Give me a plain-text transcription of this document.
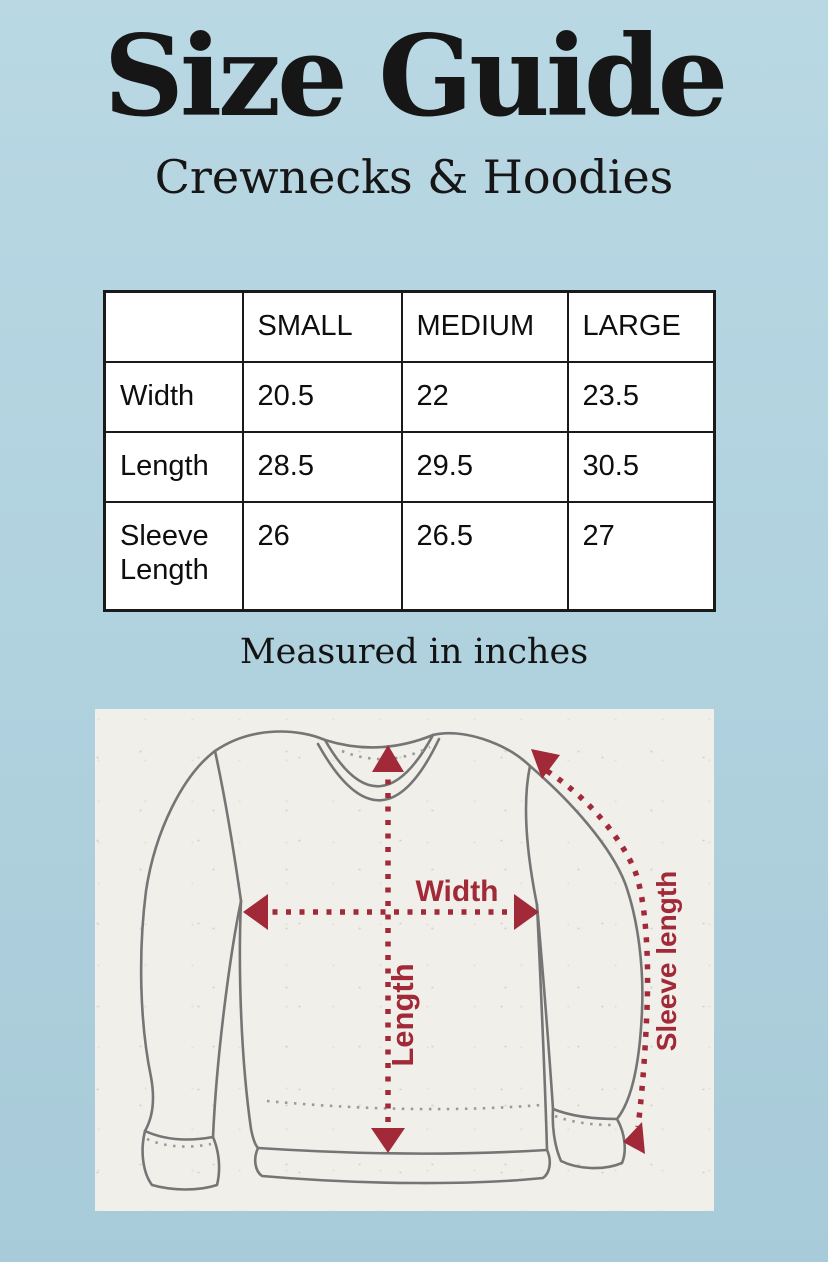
Size Guide
Crewnecks & Hoodies
	SMALL	MEDIUM	LARGE
Width	20.5	22	23.5
Length	28.5	29.5	30.5
Sleeve Length	26	26.5	27
Measured in inches
Width
Length	Sleeve length
